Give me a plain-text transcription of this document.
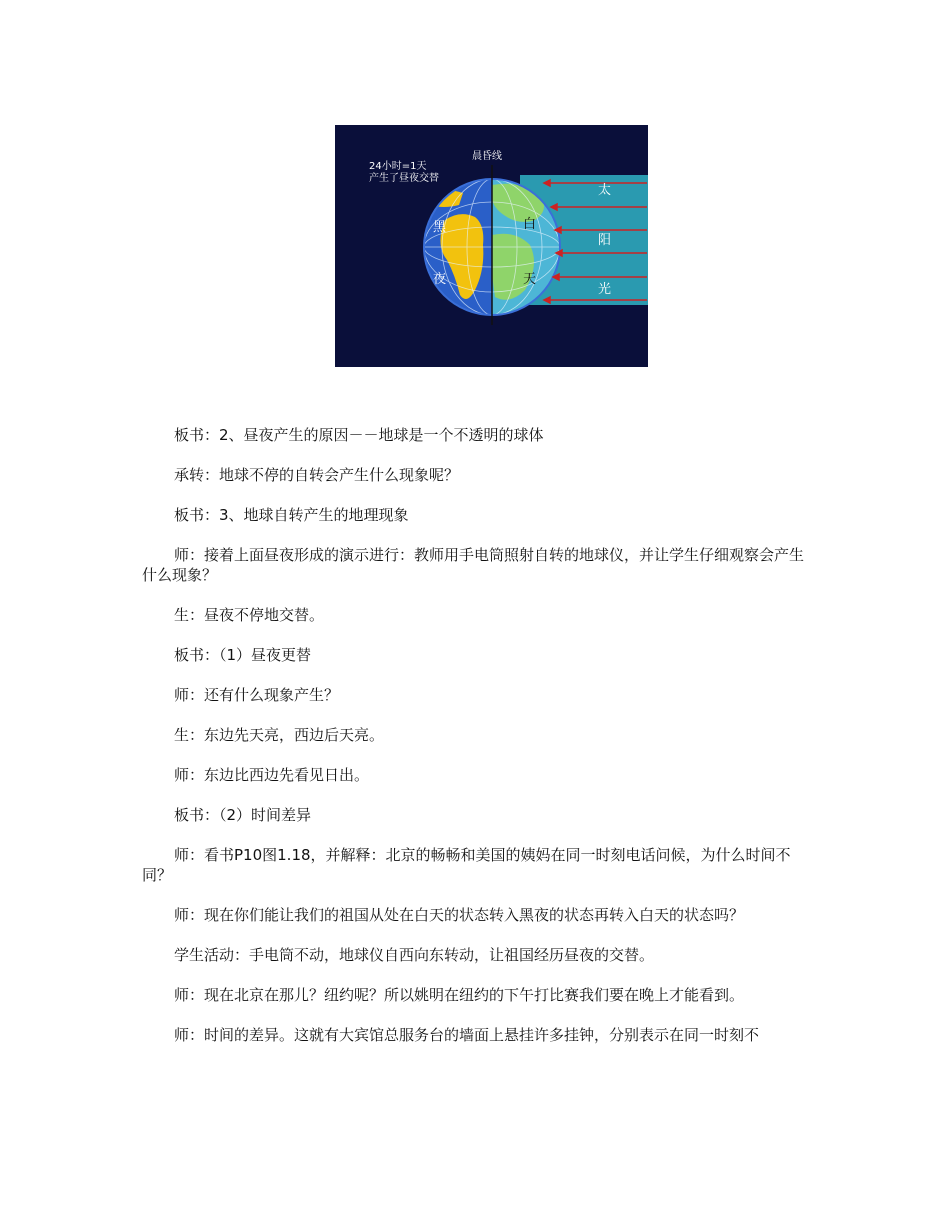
24小时=1天
产生了昼夜交替
晨昏线
黑
夜
白
天
太
阳
光

板书：2、昼夜产生的原因－－地球是一个不透明的球体

承转：地球不停的自转会产生什么现象呢？

板书：3、地球自转产生的地理现象

师：接着上面昼夜形成的演示进行：教师用手电筒照射自转的地球仪，并让学生仔细观察会产生什么现象？

生：昼夜不停地交替。

板书：（1）昼夜更替

师：还有什么现象产生？

生：东边先天亮，西边后天亮。

师：东边比西边先看见日出。

板书：（2）时间差异

师：看书P10图1.18，并解释：北京的畅畅和美国的姨妈在同一时刻电话问候，为什么时间不同？

师：现在你们能让我们的祖国从处在白天的状态转入黑夜的状态再转入白天的状态吗？

学生活动：手电筒不动，地球仪自西向东转动，让祖国经历昼夜的交替。

师：现在北京在那儿？纽约呢？所以姚明在纽约的下午打比赛我们要在晚上才能看到。

师：时间的差异。这就有大宾馆总服务台的墙面上悬挂许多挂钟，分别表示在同一时刻不
